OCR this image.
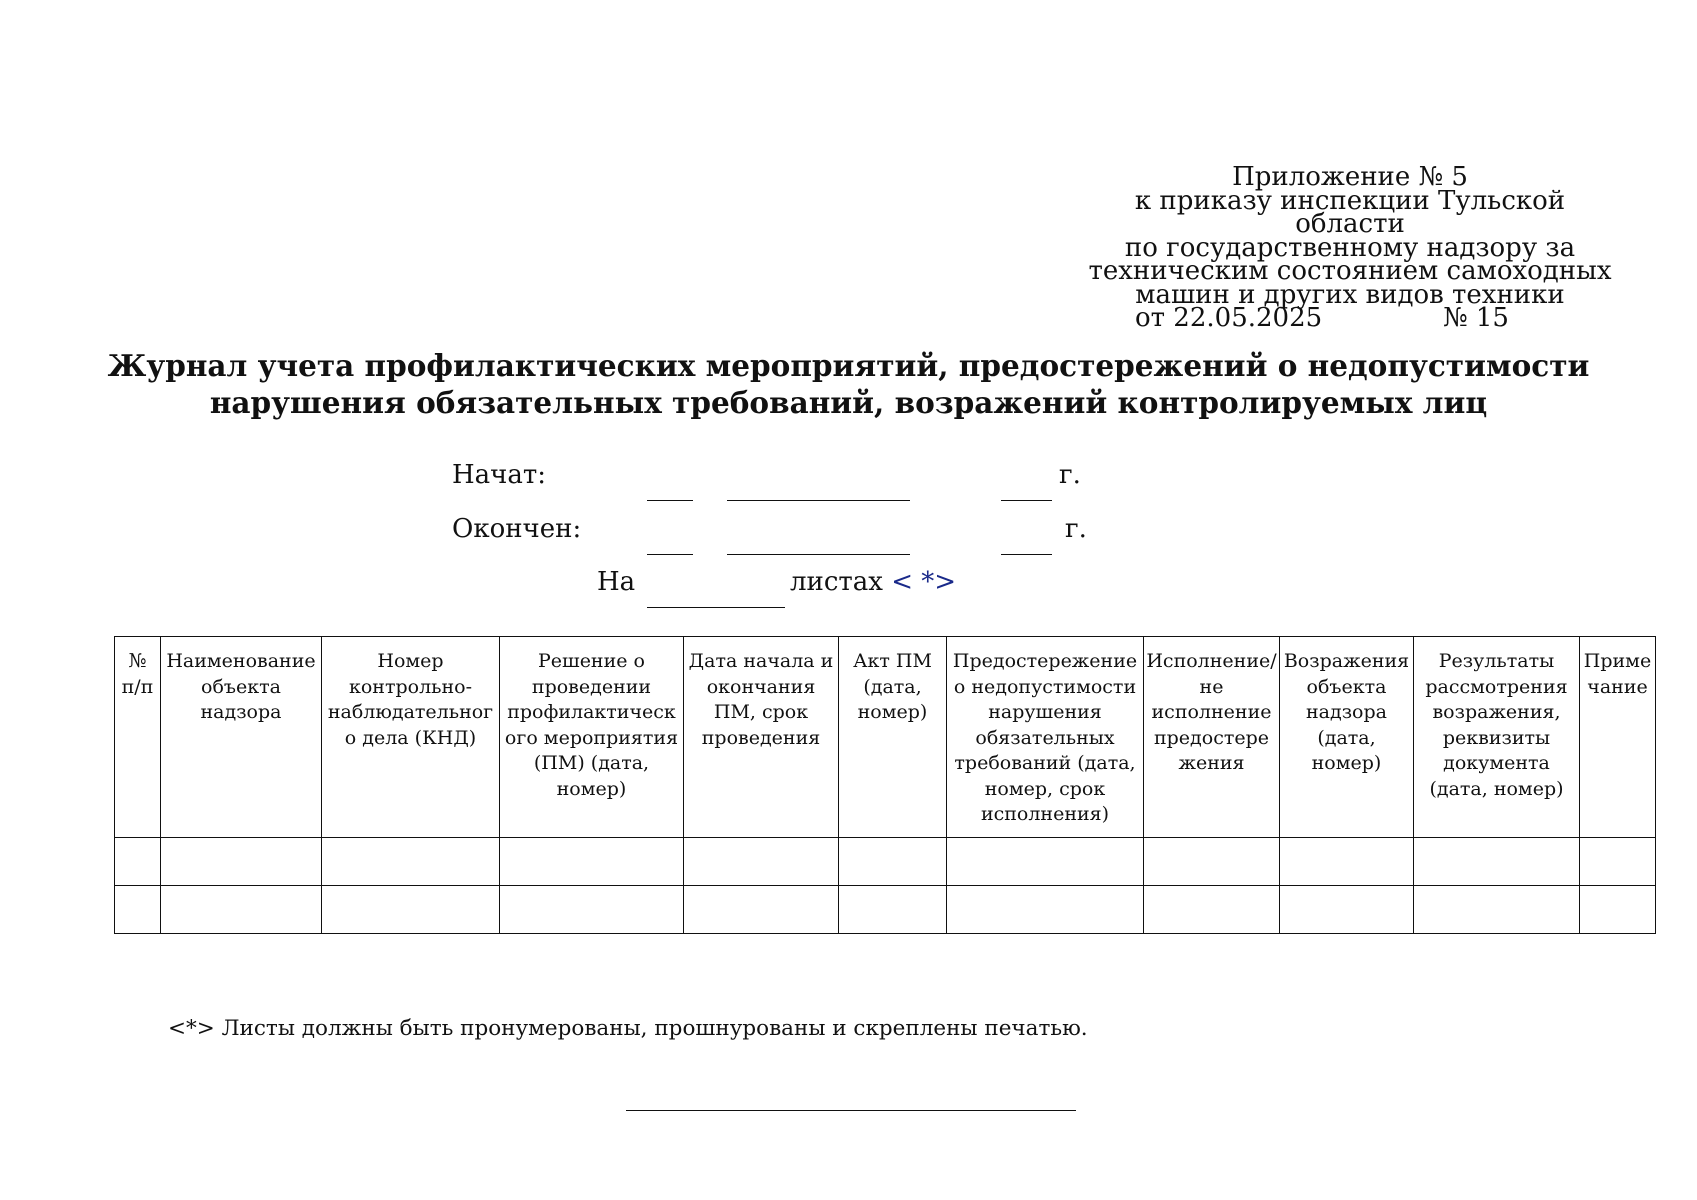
Приложение № 5
к приказу инспекции Тульской области
по государственному надзору за
техническим состоянием самоходных
машин и других видов техники
от 22.05.2025	№ 15
Журнал учета профилактических мероприятий, предостережений о недопустимости
нарушения обязательных требований, возражений контролируемых лиц
Начат:	г.
Окончен:	г.
На	листах < *>
№ п/п	Наименование объекта надзора	Номер контрольно-наблюдательного дела (КНД)	Решение о проведении профилактического мероприятия (ПМ) (дата, номер)	Дата начала и окончания ПМ, срок проведения	Акт ПМ (дата, номер)	Предостережение о недопустимости нарушения обязательных требований (дата, номер, срок исполнения)	Исполнение/ не исполнение предостережения	Возражения объекта надзора (дата, номер)	Результаты рассмотрения возражения, реквизиты документа (дата, номер)	Примечание

<*> Листы должны быть пронумерованы, прошнурованы и скреплены печатью.
